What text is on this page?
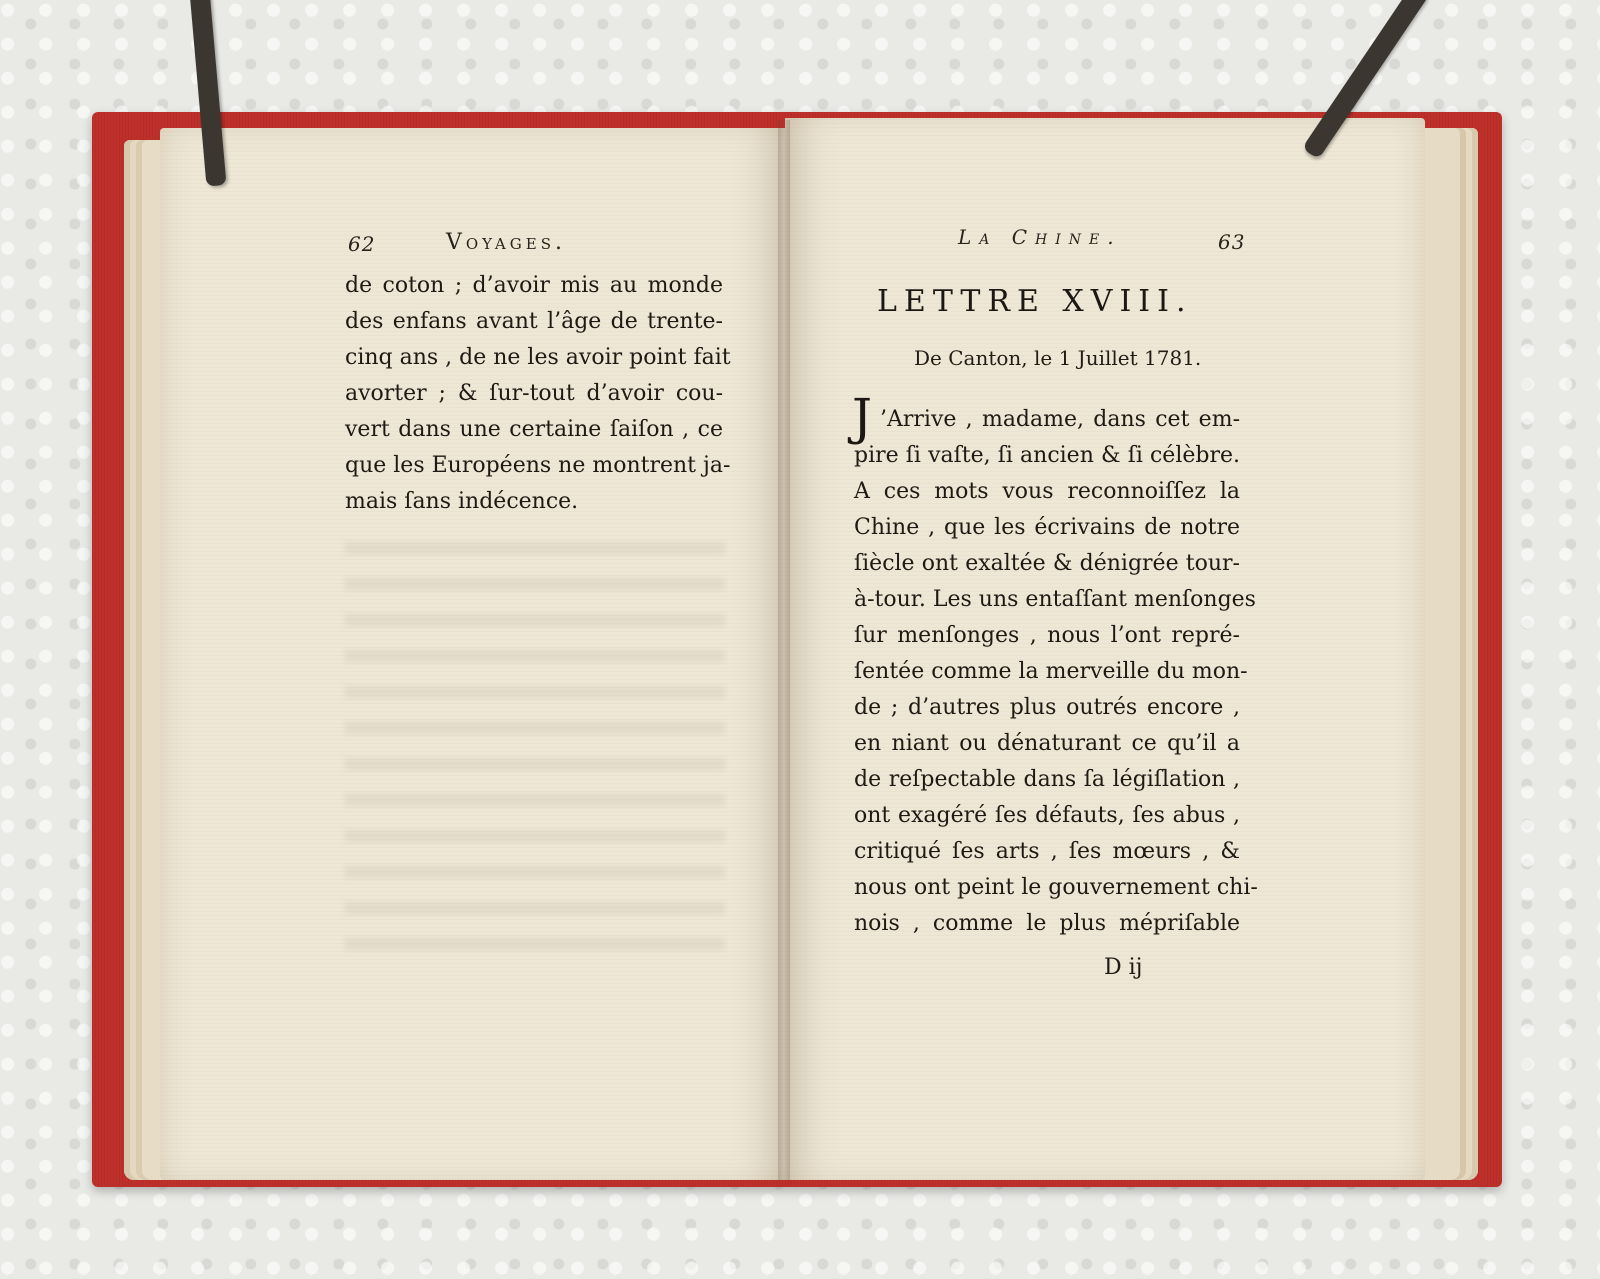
62	Voyages.
de coton ; d’avoir mis au monde
des enfans avant l’âge de trente-
cinq ans , de ne les avoir point fait
avorter ; & ſur-tout d’avoir cou-
vert dans une certaine ſaiſon , ce
que les Européens ne montrent ja-
mais ſans indécence.
La Chine.	63
LETTRE XVIII.
De Canton, le 1 Juillet 1781.
J ’Arrive , madame, dans cet em-
pire ſi vaſte, ſi ancien & ſi célèbre.
A ces mots vous reconnoiſſez la
Chine , que les écrivains de notre
ſiècle ont exaltée & dénigrée tour-
à-tour. Les uns entaſſant menſonges
ſur menſonges , nous l’ont repré-
ſentée comme la merveille du mon-
de ; d’autres plus outrés encore ,
en niant ou dénaturant ce qu’il a
de reſpectable dans ſa légiſlation ,
ont exagéré ſes défauts, ſes abus ,
critiqué ſes arts , ſes mœurs , &
nous ont peint le gouvernement chi-
nois , comme le plus mépriſable
D ij
